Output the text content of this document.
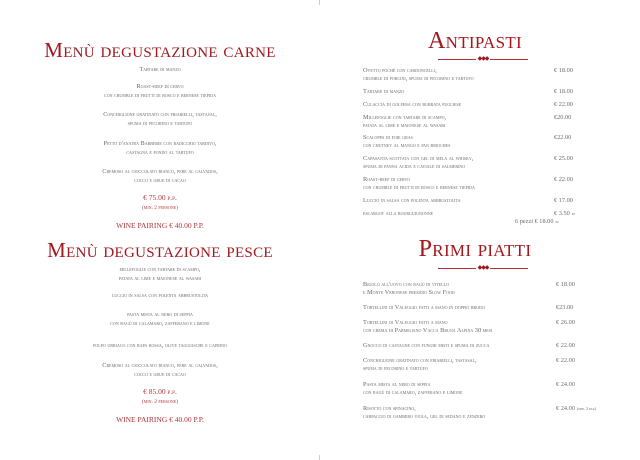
Menù degustazione carne
Tartare di manzo
Roast-beef di cervo
con crumble di frutti di bosco e bernese tiepida
Conchiglione gratinato con friarielli, tastasal,
spuma di pecorino e tartufo
Petto d'anatra Barberie con radicchio tardivo,
castagna e fondo al tartufo
Cremoso al cioccolato bianco, pere al calvados,
cocco e grue di cacao
€ 75.00 p.p.
(min. 2 persone)
WINE PAIRING € 40.00 P.P.
Menù degustazione pesce
millefoglie con tartare di scampo,
patata al lime e maionese al wasabi
luccio in salsa con polenta abbrustolita
pasta mista al nero di seppia
con ragù di calamaro, zafferano e limone
polpo ubriaco con rapa rossa, olive taggiasche e caprino
Cremoso al cioccolato bianco, pere al calvados,
cocco e grue di cacao
€ 85.00 p.p.
(min. 2 persone)
WINE PAIRING € 40.00 P.P.
Antipasti
◆◆◆
Ovetto pochè con cardoncelli,
crumble di porcini, spuma di pecorino e tartufo
€ 18.00
Tartare di manzo	€ 18.00
Culaccia di golfera con burrata pugliese	€ 22.00
Millefoglie con tartare di scampo,
patata al lime e maionese al wasabi
€20.00
Scaloppa di foie gras
con chutney al mango e pan brioches
€22.00
Capasanta scottata con gel di mela al whisky,
spuma di panna acida e caviale di salmerino
€ 25.00
Roast-beef di cervo
con crumble di frutti di bosco e bernese tiepida
€ 22.00
Luccio in salsa con polenta abbrustolita	€ 17.00
escargot alla bourguignonne	€ 3.50 pz
6 pezzi € 18.00 pz
Primi piatti
◆◆◆
Bigolo all'uovo con ragù di vitello
e Monte Veronese presidio Slow Food
€ 18.00
Tortellini di Valeggio fatti a mano in doppio brodo	€23.00
Tortellini di Valeggio fatti a mano
con crema di Parmigiano Vacca Bruna Alpina 30 mesi
€ 26.00
Gnocco di castagne con funghi misti e spuma di zucca	€ 22.00
Conchiglione gratinato con friarielli, tastasal,
spuma di pecorino e tartufo
€ 22.00
Pasta mista al nero di seppia
con ragù di calamaro, zafferano e limone
€ 24.00
Risotto con spinacino,
carpaccio di gambero viola, gel di sedano e zenzero
€ 24.00 (min. 2 pax)
